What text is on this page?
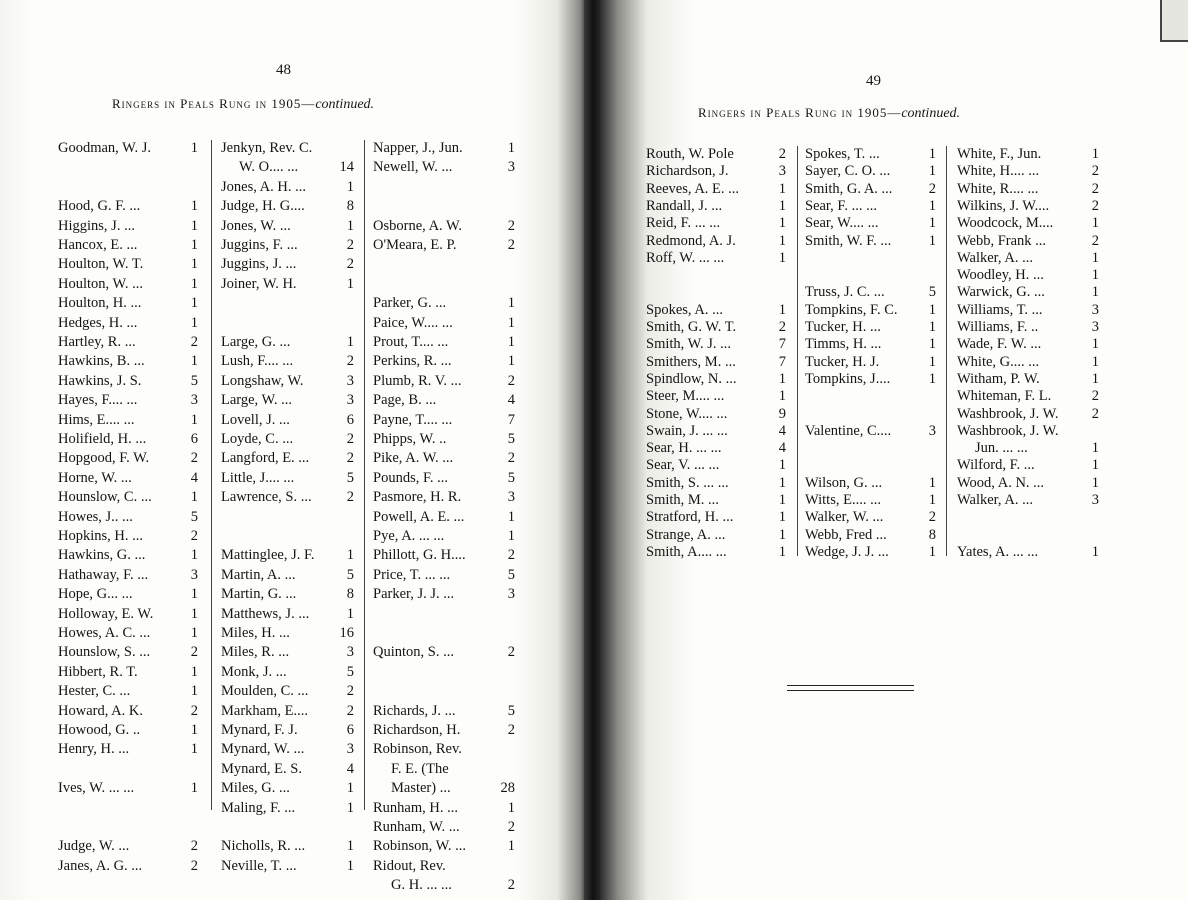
48
Ringers in Peals Rung in 1905—continued.
Goodman, W. J.	1
Hood, G. F. ...	1
Higgins, J. ...	1
Hancox, E. ...	1
Houlton, W. T.	1
Houlton, W. ...	1
Houlton, H. ...	1
Hedges, H. ...	1
Hartley, R. ...	2
Hawkins, B. ...	1
Hawkins, J. S.	5
Hayes, F.... ...	3
Hims, E.... ...	1
Holifield, H. ...	6
Hopgood, F. W.	2
Horne, W. ...	4
Hounslow, C. ...	1
Howes, J.. ...	5
Hopkins, H. ...	2
Hawkins, G. ...	1
Hathaway, F. ...	3
Hope, G... ...	1
Holloway, E. W.	1
Howes, A. C. ...	1
Hounslow, S. ...	2
Hibbert, R. T.	1
Hester, C. ...	1
Howard, A. K.	2
Howood, G. ..	1
Henry, H. ...	1
Ives, W. ... ...	1
Judge, W. ...	2
Janes, A. G. ...	2
Jenkyn, Rev. C.
W. O.... ...	14
Jones, A. H. ...	1
Judge, H. G....	8
Jones, W. ...	1
Juggins, F. ...	2
Juggins, J. ...	2
Joiner, W. H.	1
Large, G. ...	1
Lush, F.... ...	2
Longshaw, W.	3
Large, W. ...	3
Lovell, J. ...	6
Loyde, C. ...	2
Langford, E. ...	2
Little, J.... ...	5
Lawrence, S. ... 2
Mattinglee, J. F. 1
Martin, A. ...	5
Martin, G. ...	8
Matthews, J. ...	1
Miles, H. ...	16
Miles, R. ...	3
Monk, J. ...	5
Moulden, C. ...	2
Markham, E....	2
Mynard, F. J.	6
Mynard, W. ...	3
Mynard, E. S.	4
Miles, G. ...	1
Maling, F. ...	1
Nicholls, R. ...	1
Neville, T. ...	1
Napper, J., Jun.	1
Newell, W. ...	3
Osborne, A. W.	2
O'Meara, E. P.	2
Parker, G. ...	1
Paice, W.... ...	1
Prout, T.... ...	1
Perkins, R. ...	1
Plumb, R. V. ...	2
Page, B. ...	4
Payne, T.... ...	7
Phipps, W. ..	5
Pike, A. W. ...	2
Pounds, F. ...	5
Pasmore, H. R.	3
Powell, A. E. ...	1
Pye, A. ... ...	1
Phillott, G. H....	2
Price, T. ... ...	5
Parker, J. J. ...	3
Quinton, S. ...	2
Richards, J. ...	5
Richardson, H.	2
Robinson, Rev.
F. E. (The
Master) ...	28
Runham, H. ...	1
Runham, W. ...	2
Robinson, W. ...	1
Ridout, Rev.
G. H. ... ...	2
49
Ringers in Peals Rung in 1905—continued.
Routh, W. Pole	2
Richardson, J.	3
Reeves, A. E. ...	1
Randall, J. ...	1
Reid, F. ... ...	1
Redmond, A. J.	1
Roff, W. ... ...	1
Spokes, A. ...	1
Smith, G. W. T.	2
Smith, W. J. ...	7
Smithers, M. ...	7
Spindlow, N. ...	1
Steer, M.... ...	1
Stone, W.... ...	9
Swain, J. ... ...	4
Sear, H. ... ...	4
Sear, V. ... ...	1
Smith, S. ... ...	1
Smith, M. ...	1
Stratford, H. ...	1
Strange, A. ...	1
Smith, A.... ...	1
Spokes, T. ...	1
Sayer, C. O. ...	1
Smith, G. A. ...	2
Sear, F. ... ...	1
Sear, W.... ...	1
Smith, W. F. ...	1
Truss, J. C. ...	5
Tompkins, F. C. 1
Tucker, H. ...	1
Timms, H. ...	1
Tucker, H. J.	1
Tompkins, J....	1
Valentine, C....	3
Wilson, G. ...	1
Witts, E.... ...	1
Walker, W. ...	2
Webb, Fred ...	8
Wedge, J. J. ...	1
White, F., Jun.	1
White, H.... ...	2
White, R.... ...	2
Wilkins, J. W....	2
Woodcock, M....	1
Webb, Frank ...	2
Walker, A. ...	1
Woodley, H. ...	1
Warwick, G. ...	1
Williams, T. ...	3
Williams, F. ..	3
Wade, F. W. ...	1
White, G.... ...	1
Witham, P. W.	1
Whiteman, F. L.	2
Washbrook, J. W. 2
Washbrook, J. W.
Jun. ... ...	1
Wilford, F. ...	1
Wood, A. N. ...	1
Walker, A. ...	3
Yates, A. ... ...	1
